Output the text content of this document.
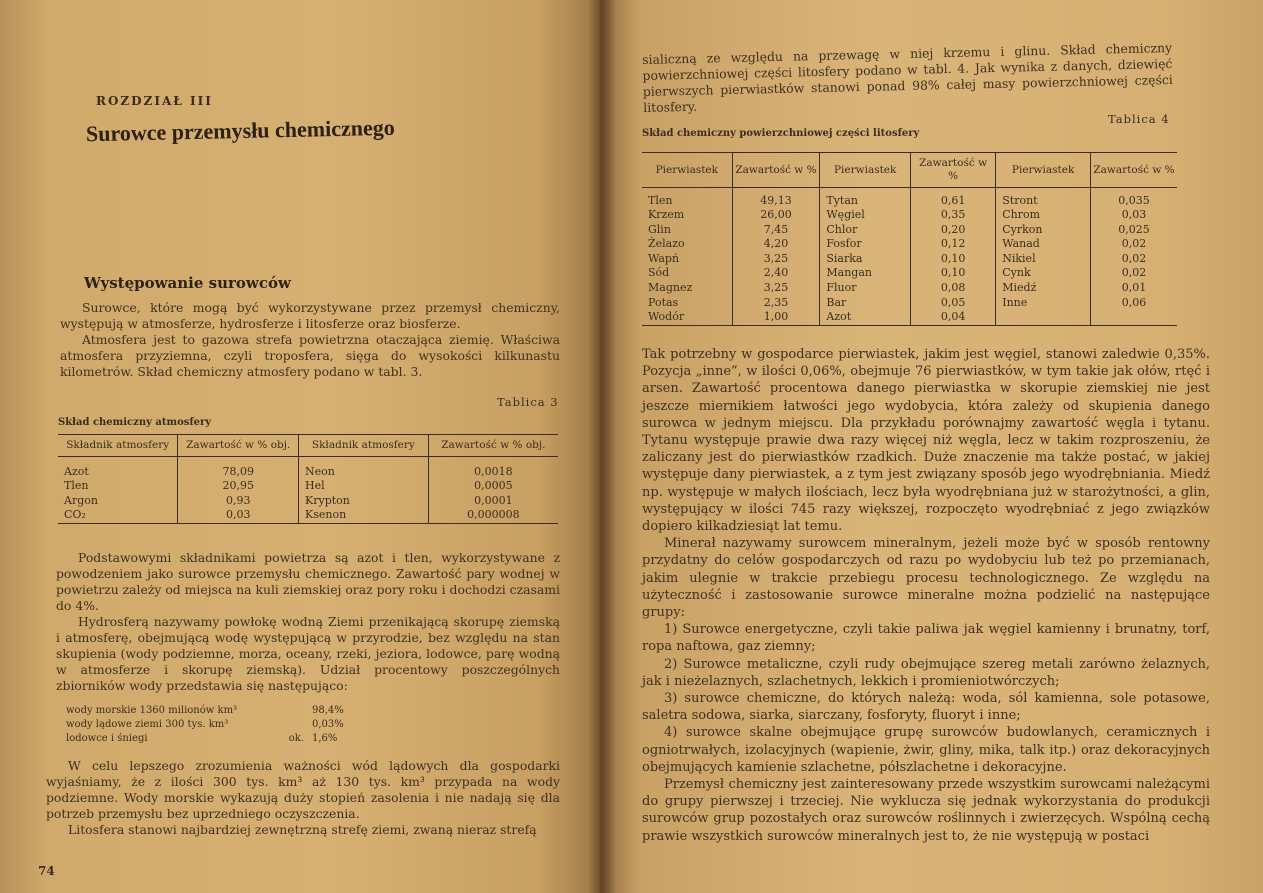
ROZDZIAŁ III
Surowce przemysłu chemicznego
Występowanie surowców

Surowce, które mogą być wykorzystywane przez przemysł chemiczny, występują w atmosferze, hydrosferze i litosferze oraz biosferze.

Atmosfera jest to gazowa strefa powietrzna otaczająca ziemię. Właściwa atmosfera przyziemna, czyli troposfera, sięga do wysokości kilkunastu kilometrów. Skład chemiczny atmosfery podano w tabl. 3.

Tablica 3
Skład chemiczny atmosfery
Składnik atmosfery	Zawartość w % obj.	Składnik atmosfery	Zawartość w % obj.

Azot	78,09	Neon	0,0018
Tlen	20,95	Hel	0,0005
Argon	0,93	Krypton	0,0001
CO₂	0,03	Ksenon	0,000008

Podstawowymi składnikami powietrza są azot i tlen, wykorzystywane z powodzeniem jako surowce przemysłu chemicznego. Zawartość pary wodnej w powietrzu zależy od miejsca na kuli ziemskiej oraz pory roku i dochodzi czasami do 4%.

Hydrosferą nazywamy powłokę wodną Ziemi przenikającą skorupę ziemską i atmosferę, obejmującą wodę występującą w przyrodzie, bez względu na stan skupienia (wody podziemne, morza, oceany, rzeki, jeziora, lodowce, parę wodną w atmosferze i skorupę ziemską). Udział procentowy poszczególnych zbiorników wody przedstawia się następująco:

wody morskie 1360 milionów km³		98,4%
wody lądowe ziemi 300 tys. km³		0,03%
lodowce i śniegi	ok.	1,6%

W celu lepszego zrozumienia ważności wód lądowych dla gospodarki wyjaśniamy, że z ilości 300 tys. km³ aż 130 tys. km³ przypada na wody podziemne. Wody morskie wykazują duży stopień zasolenia i nie nadają się dla potrzeb przemysłu bez uprzedniego oczyszczenia.

Litosfera stanowi najbardziej zewnętrzną strefę ziemi, zwaną nieraz strefą

74

sialiczną ze względu na przewagę w niej krzemu i glinu. Skład chemiczny powierzchniowej części litosfery podano w tabl. 4. Jak wynika z danych, dziewięć pierwszych pierwiastków stanowi ponad 98% całej masy powierzchniowej części litosfery.

Tablica 4
Skład chemiczny powierzchniowej części litosfery
Pierwiastek	Zawartość w %	Pierwiastek	Zawartość w %	Pierwiastek	Zawartość w %

Tlen	49,13	Tytan	0,61	Stront	0,035
Krzem	26,00	Węgiel	0,35	Chrom	0,03
Glin	7,45	Chlor	0,20	Cyrkon	0,025
Żelazo	4,20	Fosfor	0,12	Wanad	0,02
Wapń	3,25	Siarka	0,10	Nikiel	0,02
Sód	2,40	Mangan	0,10	Cynk	0,02
Magnez	3,25	Fluor	0,08	Miedź	0,01
Potas	2,35	Bar	0,05	Inne	0,06
Wodór	1,00	Azot	0,04		

Tak potrzebny w gospodarce pierwiastek, jakim jest węgiel, stanowi zaledwie 0,35%. Pozycja „inne”, w ilości 0,06%, obejmuje 76 pierwiastków, w tym takie jak ołów, rtęć i arsen. Zawartość procentowa danego pierwiastka w skorupie ziemskiej nie jest jeszcze miernikiem łatwości jego wydobycia, która zależy od skupienia danego surowca w jednym miejscu. Dla przykładu porównajmy zawartość węgla i tytanu. Tytanu występuje prawie dwa razy więcej niż węgla, lecz w takim rozproszeniu, że zaliczany jest do pierwiastków rzadkich. Duże znaczenie ma także postać, w jakiej występuje dany pierwiastek, a z tym jest związany sposób jego wyodrębniania. Miedź np. występuje w małych ilościach, lecz była wyodrębniana już w starożytności, a glin, występujący w ilości 745 razy większej, rozpoczęto wyodrębniać z jego związków dopiero kilkadziesiąt lat temu.

Minerał nazywamy surowcem mineralnym, jeżeli może być w sposób rentowny przydatny do celów gospodarczych od razu po wydobyciu lub też po przemianach, jakim ulegnie w trakcie przebiegu procesu technologicznego. Ze względu na użyteczność i zastosowanie surowce mineralne można podzielić na następujące grupy:

1) Surowce energetyczne, czyli takie paliwa jak węgiel kamienny i brunatny, torf, ropa naftowa, gaz ziemny;

2) Surowce metaliczne, czyli rudy obejmujące szereg metali zarówno żelaznych, jak i nieżelaznych, szlachetnych, lekkich i promieniotwórczych;

3) surowce chemiczne, do których należą: woda, sól kamienna, sole potasowe, saletra sodowa, siarka, siarczany, fosforyty, fluoryt i inne;

4) surowce skalne obejmujące grupę surowców budowlanych, ceramicznych i ogniotrwałych, izolacyjnych (wapienie, żwir, gliny, mika, talk itp.) oraz dekoracyjnych obejmujących kamienie szlachetne, półszlachetne i dekoracyjne.

Przemysł chemiczny jest zainteresowany przede wszystkim surowcami należącymi do grupy pierwszej i trzeciej. Nie wyklucza się jednak wykorzystania do produkcji surowców grup pozostałych oraz surowców roślinnych i zwierzęcych. Wspólną cechą prawie wszystkich surowców mineralnych jest to, że nie występują w postaci
